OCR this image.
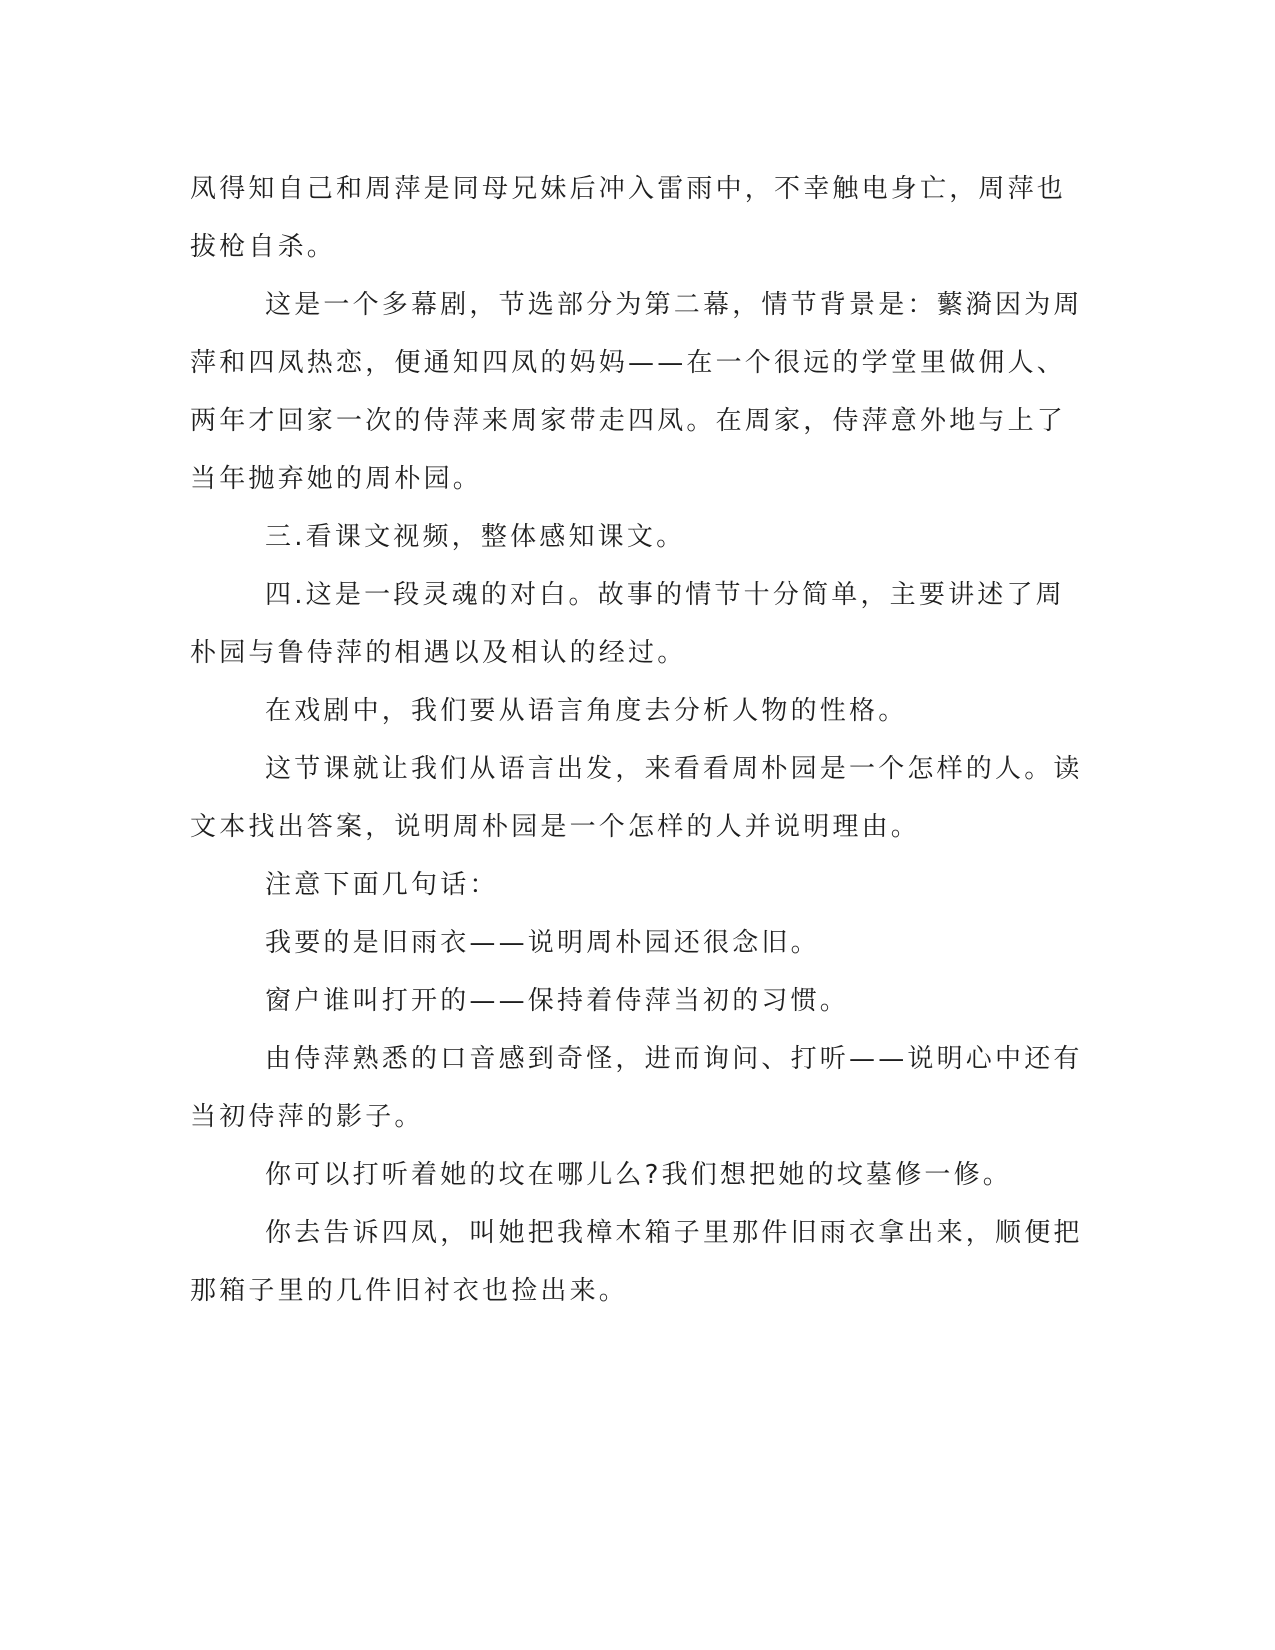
凤得知自己和周萍是同母兄妹后冲入雷雨中，不幸触电身亡，周萍也拔枪自杀。

这是一个多幕剧，节选部分为第二幕，情节背景是：蘩漪因为周萍和四凤热恋，便通知四凤的妈妈——在一个很远的学堂里做佣人、两年才回家一次的侍萍来周家带走四凤。在周家，侍萍意外地与上了当年抛弃她的周朴园。

三.看课文视频，整体感知课文。

四.这是一段灵魂的对白。故事的情节十分简单，主要讲述了周朴园与鲁侍萍的相遇以及相认的经过。

在戏剧中，我们要从语言角度去分析人物的性格。

这节课就让我们从语言出发，来看看周朴园是一个怎样的人。读文本找出答案，说明周朴园是一个怎样的人并说明理由。

注意下面几句话：

我要的是旧雨衣——说明周朴园还很念旧。

窗户谁叫打开的——保持着侍萍当初的习惯。

由侍萍熟悉的口音感到奇怪，进而询问、打听——说明心中还有当初侍萍的影子。

你可以打听着她的坟在哪儿么?我们想把她的坟墓修一修。

你去告诉四凤，叫她把我樟木箱子里那件旧雨衣拿出来，顺便把那箱子里的几件旧衬衣也捡出来。
